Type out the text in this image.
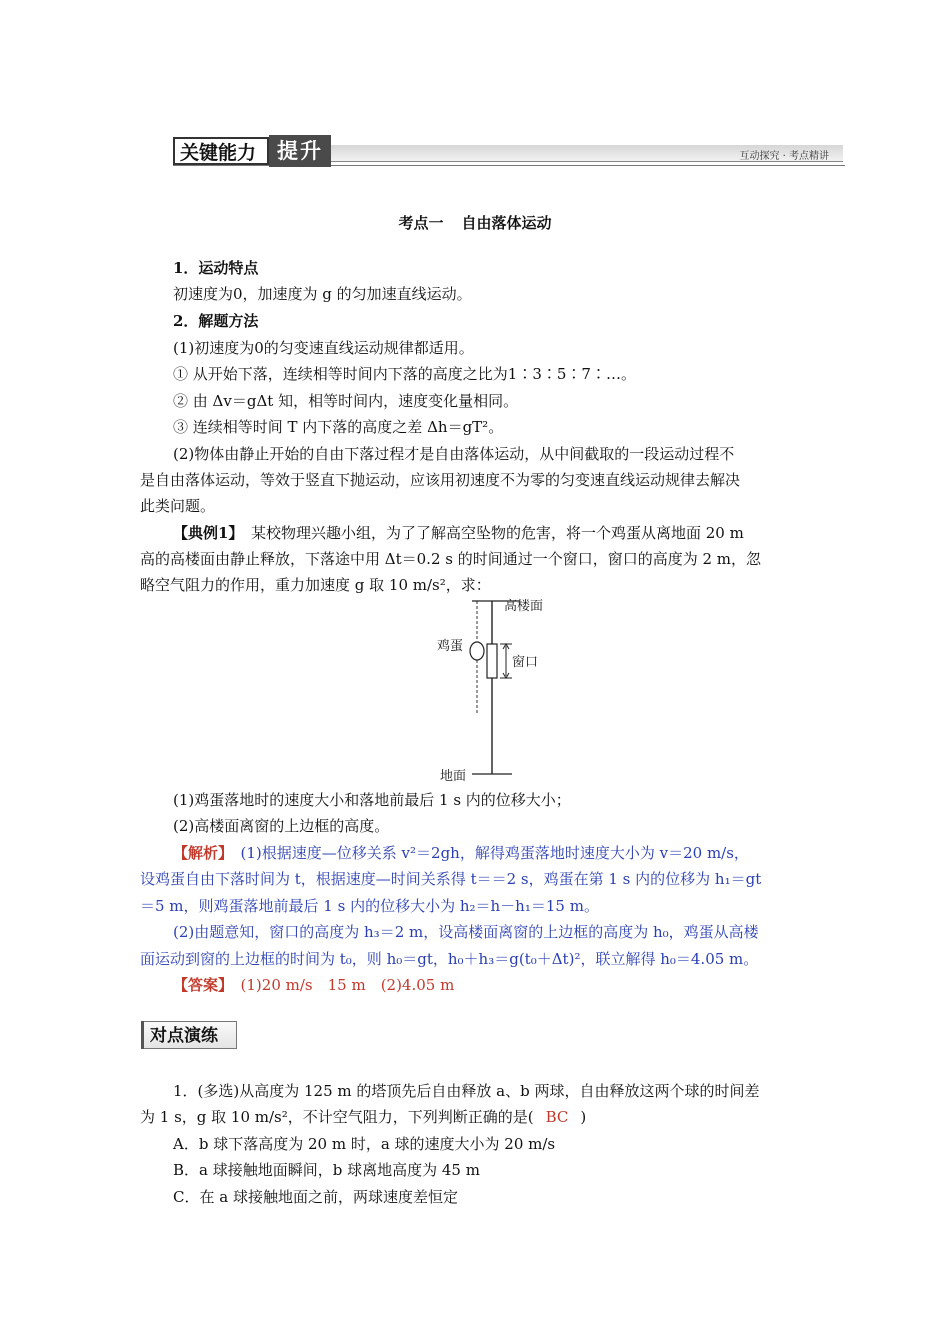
关键能力 提升	互动探究 · 考点精讲
考点一 自由落体运动
1．运动特点
初速度为0，加速度为 g 的匀加速直线运动。
2．解题方法
(1)初速度为0的匀变速直线运动规律都适用。
① 从开始下落，连续相等时间内下落的高度之比为1∶3∶5∶7∶…。
② 由 Δv＝gΔt 知，相等时间内，速度变化量相同。
③ 连续相等时间 T 内下落的高度之差 Δh＝gT²。
(2)物体由静止开始的自由下落过程才是自由落体运动，从中间截取的一段运动过程不
是自由落体运动，等效于竖直下抛运动，应该用初速度不为零的匀变速直线运动规律去解决
此类问题。
【典例1】　 某校物理兴趣小组，为了了解高空坠物的危害，将一个鸡蛋从离地面 20 m
高的高楼面由静止释放，下落途中用 Δt＝0.2 s 的时间通过一个窗口，窗口的高度为 2 m，忽
略空气阻力的作用，重力加速度 g 取 10 m/s²，求：
高楼面
鸡蛋
窗口
地面
(1)鸡蛋落地时的速度大小和落地前最后 1 s 内的位移大小；
(2)高楼面离窗的上边框的高度。
【解析】　 (1)根据速度—位移关系 v²＝2gh，解得鸡蛋落地时速度大小为 v＝20 m/s，
设鸡蛋自由下落时间为 t，根据速度—时间关系得 t＝＝2 s，鸡蛋在第 1 s 内的位移为 h₁＝gt
＝5 m，则鸡蛋落地前最后 1 s 内的位移大小为 h₂＝h－h₁＝15 m。
(2)由题意知，窗口的高度为 h₃＝2 m，设高楼面离窗的上边框的高度为 h₀，鸡蛋从高楼
面运动到窗的上边框的时间为 t₀，则 h₀＝gt，h₀＋h₃＝g(t₀＋Δt)²，联立解得 h₀＝4.05 m。
【答案】　 (1)20 m/s　15 m　(2)4.05 m
对点演练
1．(多选)从高度为 125 m 的塔顶先后自由释放 a、b 两球，自由释放这两个球的时间差
为 1 s，g 取 10 m/s²，不计空气阻力，下列判断正确的是( BC )
A．b 球下落高度为 20 m 时，a 球的速度大小为 20 m/s
B．a 球接触地面瞬间，b 球离地高度为 45 m
C．在 a 球接触地面之前，两球速度差恒定
